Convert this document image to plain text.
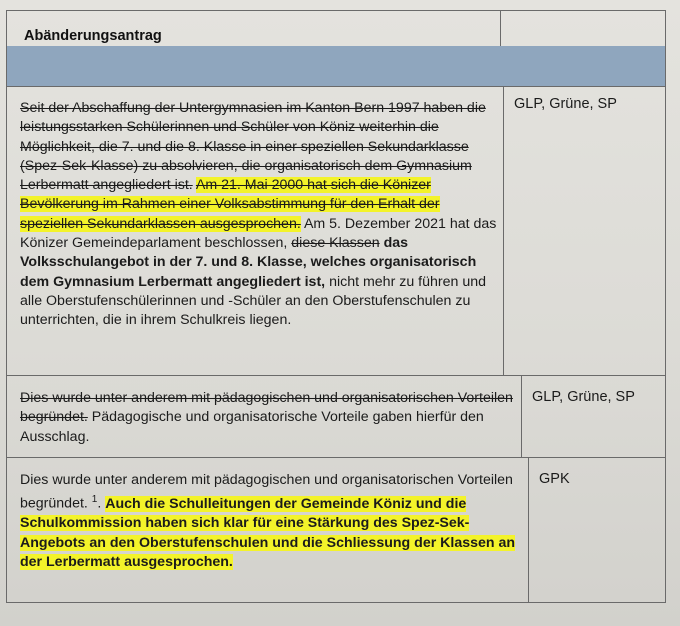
Abänderungsantrag
Seit der Abschaffung der Untergymnasien im Kanton Bern 1997 haben die leistungsstarken Schülerinnen und Schüler von Köniz weiterhin die Möglichkeit, die 7. und die 8. Klasse in einer speziellen Sekundarklasse (Spez-Sek-Klasse) zu absolvieren, die organisatorisch dem Gymnasium Lerbermatt angegliedert ist. Am 21. Mai 2000 hat sich die Könizer Bevölkerung im Rahmen einer Volksabstimmung für den Erhalt der speziellen Sekundarklassen ausgesprochen. Am 5. Dezember 2021 hat das Könizer Gemeindeparlament beschlossen, diese Klassen das Volksschulangebot in der 7. und 8. Klasse, welches organisatorisch dem Gymnasium Lerbermatt angegliedert ist, nicht mehr zu führen und alle Oberstufenschülerinnen und -Schüler an den Oberstufenschulen zu unterrichten, die in ihrem Schulkreis liegen.
GLP, Grüne, SP
Dies wurde unter anderem mit pädagogischen und organisatorischen Vorteilen begründet. Pädagogische und organisatorische Vorteile gaben hierfür den Ausschlag.
GLP, Grüne, SP
Dies wurde unter anderem mit pädagogischen und organisatorischen Vorteilen begründet. $^1$. Auch die Schulleitungen der Gemeinde Köniz und die Schulkommission haben sich klar für eine Stärkung des Spez-Sek-Angebots an den Oberstufenschulen und die Schliessung der Klassen an der Lerbermatt ausgesprochen.
GPK
